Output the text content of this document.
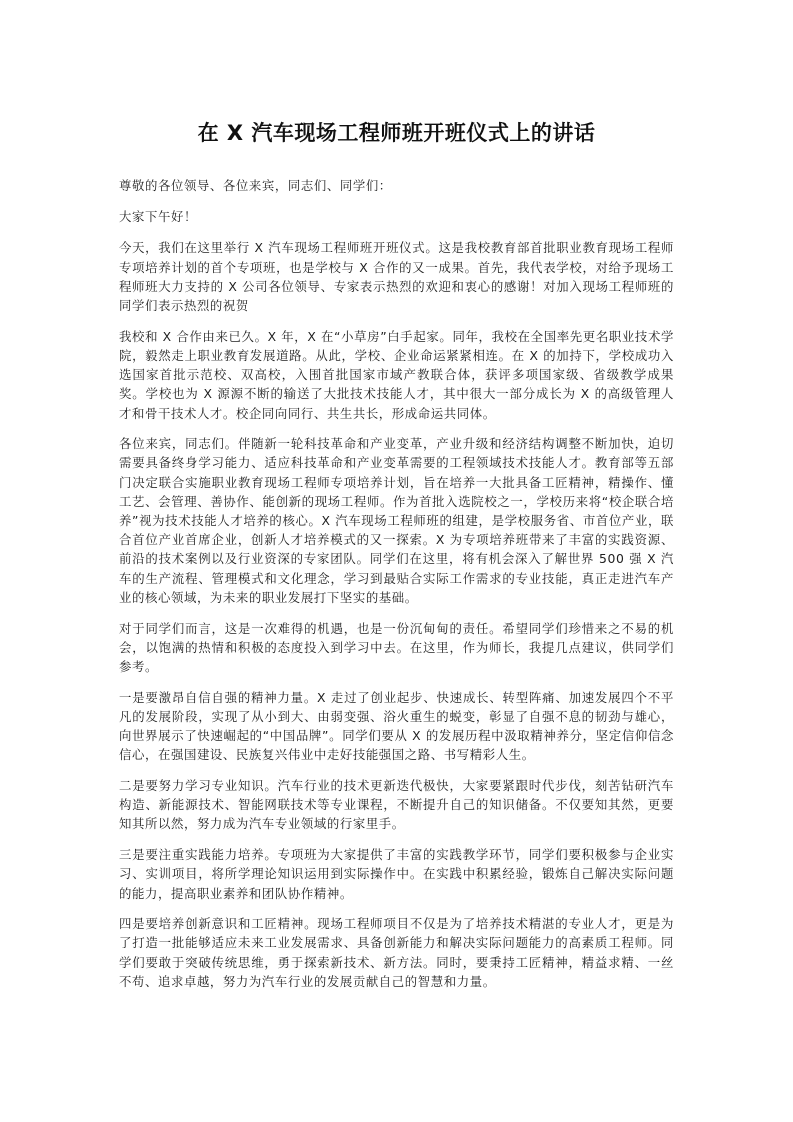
在 X 汽车现场工程师班开班仪式上的讲话

尊敬的各位领导、各位来宾，同志们、同学们：

大家下午好！

今天，我们在这里举行 X 汽车现场工程师班开班仪式。这是我校教育部首批职业教育现场工程师专项培养计划的首个专项班，也是学校与 X 合作的又一成果。首先，我代表学校，对给予现场工程师班大力支持的 X 公司各位领导、专家表示热烈的欢迎和衷心的感谢！对加入现场工程师班的同学们表示热烈的祝贺

我校和 X 合作由来已久。X 年，X 在“小草房”白手起家。同年，我校在全国率先更名职业技术学院，毅然走上职业教育发展道路。从此，学校、企业命运紧紧相连。在 X 的加持下，学校成功入选国家首批示范校、双高校，入围首批国家市域产教联合体，获评多项国家级、省级教学成果奖。学校也为 X 源源不断的输送了大批技术技能人才，其中很大一部分成长为 X 的高级管理人才和骨干技术人才。校企同向同行、共生共长，形成命运共同体。

各位来宾，同志们。伴随新一轮科技革命和产业变革，产业升级和经济结构调整不断加快，迫切需要具备终身学习能力、适应科技革命和产业变革需要的工程领域技术技能人才。教育部等五部门决定联合实施职业教育现场工程师专项培养计划，旨在培养一大批具备工匠精神，精操作、懂工艺、会管理、善协作、能创新的现场工程师。作为首批入选院校之一，学校历来将“校企联合培养”视为技术技能人才培养的核心。X 汽车现场工程师班的组建，是学校服务省、市首位产业，联合首位产业首席企业，创新人才培养模式的又一探索。X 为专项培养班带来了丰富的实践资源、前沿的技术案例以及行业资深的专家团队。同学们在这里，将有机会深入了解世界 500 强 X 汽车的生产流程、管理模式和文化理念，学习到最贴合实际工作需求的专业技能，真正走进汽车产业的核心领域，为未来的职业发展打下坚实的基础。

对于同学们而言，这是一次难得的机遇，也是一份沉甸甸的责任。希望同学们珍惜来之不易的机会，以饱满的热情和积极的态度投入到学习中去。在这里，作为师长，我提几点建议，供同学们参考。

一是要激昂自信自强的精神力量。X 走过了创业起步、快速成长、转型阵痛、加速发展四个不平凡的发展阶段，实现了从小到大、由弱变强、浴火重生的蜕变，彰显了自强不息的韧劲与雄心，向世界展示了快速崛起的“中国品牌”。同学们要从 X 的发展历程中汲取精神养分，坚定信仰信念信心，在强国建设、民族复兴伟业中走好技能强国之路、书写精彩人生。

二是要努力学习专业知识。汽车行业的技术更新迭代极快，大家要紧跟时代步伐，刻苦钻研汽车构造、新能源技术、智能网联技术等专业课程，不断提升自己的知识储备。不仅要知其然，更要知其所以然，努力成为汽车专业领域的行家里手。

三是要注重实践能力培养。专项班为大家提供了丰富的实践教学环节，同学们要积极参与企业实习、实训项目，将所学理论知识运用到实际操作中。在实践中积累经验，锻炼自己解决实际问题的能力，提高职业素养和团队协作精神。

四是要培养创新意识和工匠精神。现场工程师项目不仅是为了培养技术精湛的专业人才，更是为了打造一批能够适应未来工业发展需求、具备创新能力和解决实际问题能力的高素质工程师。同学们要敢于突破传统思维，勇于探索新技术、新方法。同时，要秉持工匠精神，精益求精、一丝不苟、追求卓越，努力为汽车行业的发展贡献自己的智慧和力量。
